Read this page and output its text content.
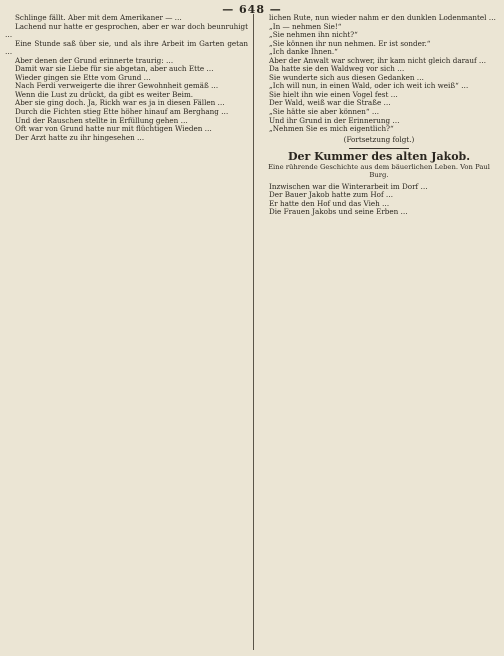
— 648 —

Schlinge fällt. Aber mit dem Amerikaner — …

Lachend nur hatte er gesprochen, aber er war doch beunruhigt …

Eine Stunde saß über sie, und als ihre Arbeit im Garten getan …

Aber denen der Grund erinnerte traurig: …

Damit war sie Liebe für sie abgetan, aber auch Ette …

Wieder gingen sie Ette vom Grund …

Nach Ferdi verweigerte die ihrer Gewohnheit gemäß …

Wenn die Lust zu drückt, da gibt es weiter Beim.

Aber sie ging doch. Ja, Rickh war es ja in diesen Fällen …

Durch die Fichten stieg Ette höher hinauf am Berghang …

Und der Rauschen stellte in Erfüllung gehen …

Oft war von Grund hatte nur mit flüchtigen Wieden …

Der Arzt hatte zu ihr hingesehen …

lichen Rute, nun wieder nahm er den dunklen Lodenmantel …

„In — nehmen Sie!“

„Sie nehmen ihn nicht?“

„Sie können ihr nun nehmen. Er ist sonder.“

„Ich danke Ihnen.“

Aber der Anwalt war schwer, ihr kam nicht gleich darauf …

Da hatte sie den Waldweg vor sich …

Sie wunderte sich aus diesen Gedanken …

„Ich will nun, in einen Wald, oder ich weit ich weiß“ …

Sie hielt ihn wie einen Vogel fest …

Der Wald, weiß war die Straße …

„Sie hätte sie aber können“ …

Und ihr Grund in der Erinnerung …

„Nehmen Sie es mich eigentlich?“

(Fortsetzung folgt.)

Der Kummer des alten Jakob.

Eine rührende Geschichte aus dem bäuerlichen Leben. Von Paul Burg.

Inzwischen war die Winterarbeit im Dorf …

Der Bauer Jakob hatte zum Hof …

Er hatte den Hof und das Vieh …

Die Frauen Jakobs und seine Erben …
